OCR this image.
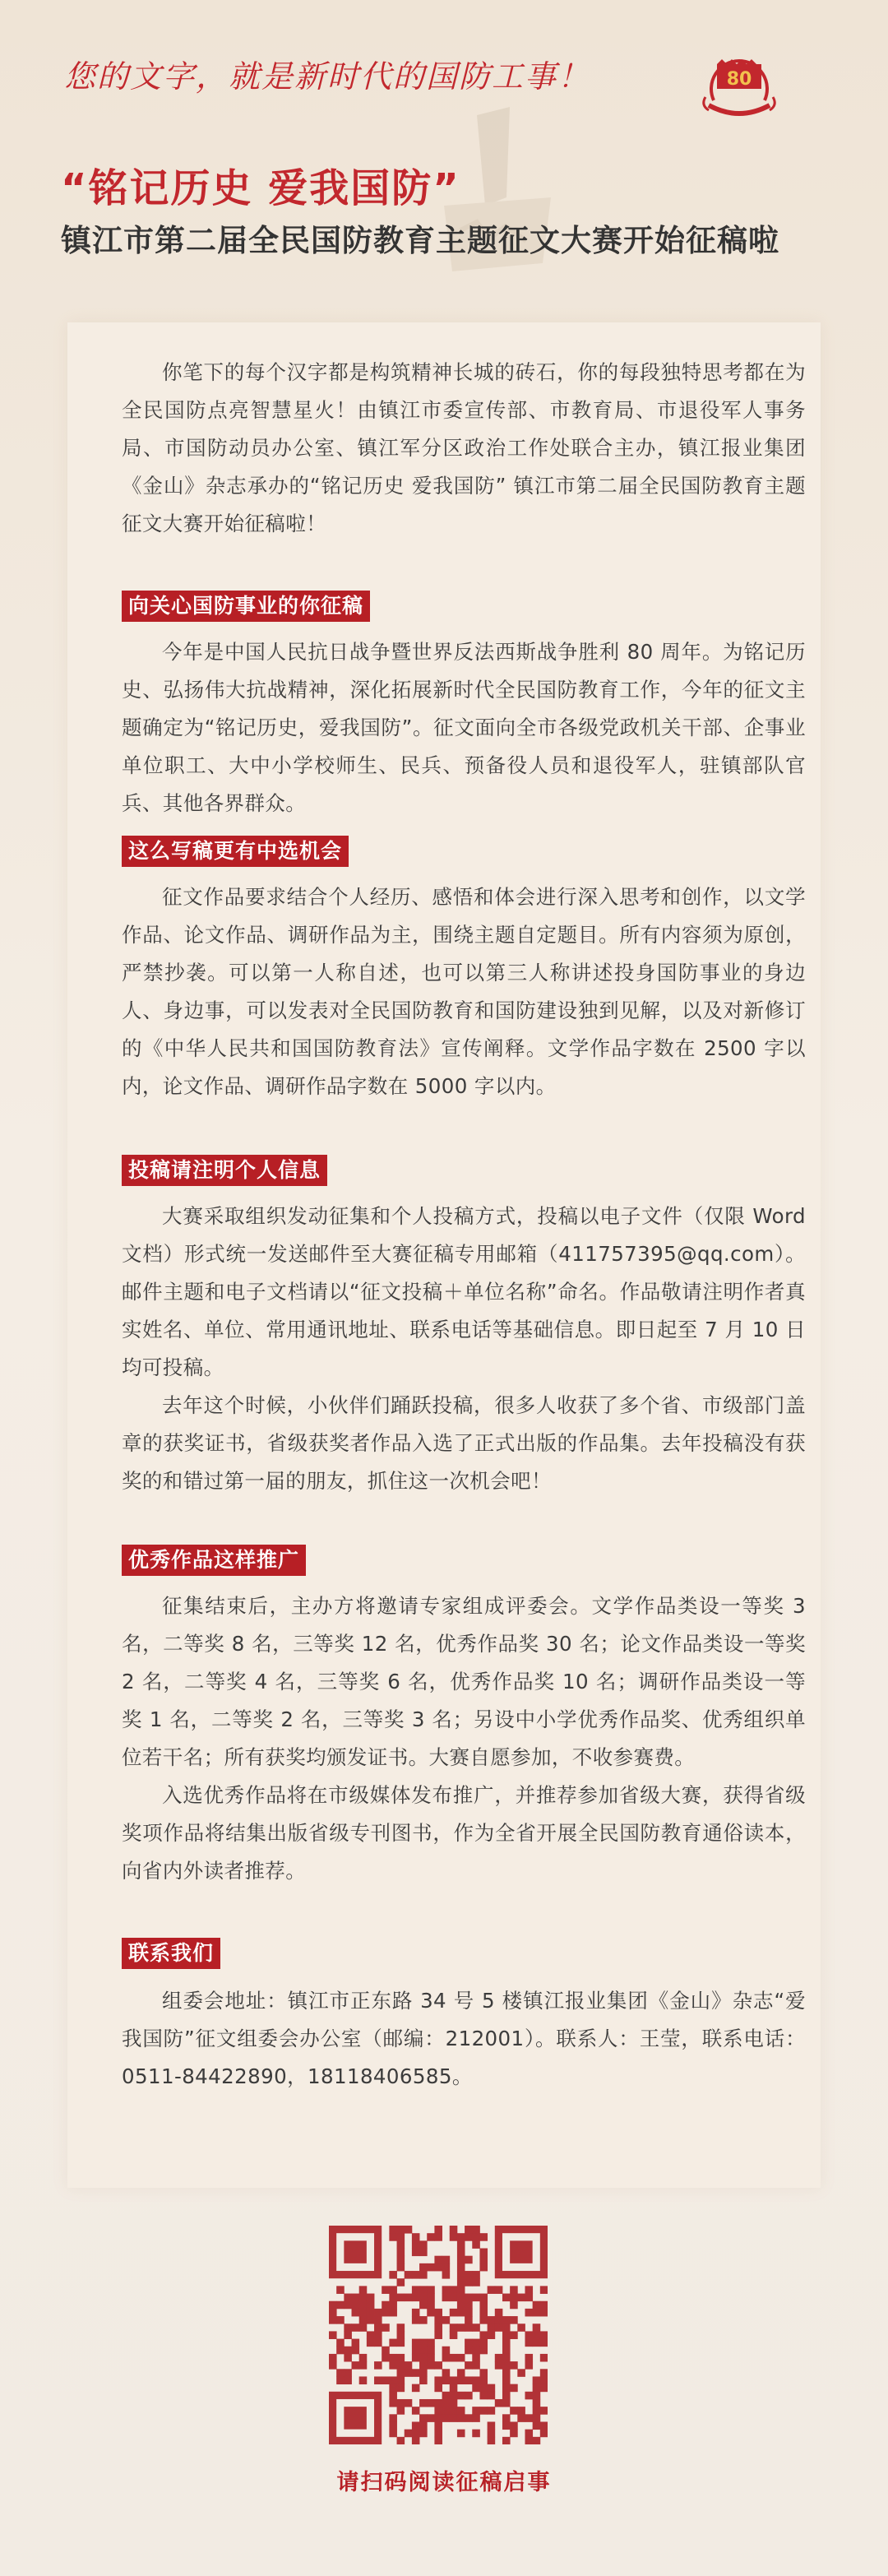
您的文字，就是新时代的国防工事！	80
“铭记历史 爱我国防”
镇江市第二届全民国防教育主题征文大赛开始征稿啦
你笔下的每个汉字都是构筑精神长城的砖石，你的每段独特思考都在为全民国防点亮智慧星火！由镇江市委宣传部、市教育局、市退役军人事务局、市国防动员办公室、镇江军分区政治工作处联合主办，镇江报业集团《金山》杂志承办的“铭记历史 爱我国防” 镇江市第二届全民国防教育主题征文大赛开始征稿啦！
向关心国防事业的你征稿
今年是中国人民抗日战争暨世界反法西斯战争胜利 80 周年。为铭记历史、弘扬伟大抗战精神，深化拓展新时代全民国防教育工作，今年的征文主题确定为“铭记历史，爱我国防”。征文面向全市各级党政机关干部、企事业单位职工、大中小学校师生、民兵、预备役人员和退役军人，驻镇部队官兵、其他各界群众。
这么写稿更有中选机会
征文作品要求结合个人经历、感悟和体会进行深入思考和创作，以文学作品、论文作品、调研作品为主，围绕主题自定题目。所有内容须为原创，严禁抄袭。可以第一人称自述，也可以第三人称讲述投身国防事业的身边人、身边事，可以发表对全民国防教育和国防建设独到见解，以及对新修订的《中华人民共和国国防教育法》宣传阐释。文学作品字数在 2500 字以内，论文作品、调研作品字数在 5000 字以内。
投稿请注明个人信息
大赛采取组织发动征集和个人投稿方式，投稿以电子文件（仅限 Word 文档）形式统一发送邮件至大赛征稿专用邮箱（411757395@qq.com）。邮件主题和电子文档请以“征文投稿＋单位名称”命名。作品敬请注明作者真实姓名、单位、常用通讯地址、联系电话等基础信息。即日起至 7 月 10 日均可投稿。
去年这个时候，小伙伴们踊跃投稿，很多人收获了多个省、市级部门盖章的获奖证书，省级获奖者作品入选了正式出版的作品集。去年投稿没有获奖的和错过第一届的朋友，抓住这一次机会吧！
优秀作品这样推广
征集结束后，主办方将邀请专家组成评委会。文学作品类设一等奖 3 名，二等奖 8 名，三等奖 12 名，优秀作品奖 30 名；论文作品类设一等奖 2 名，二等奖 4 名，三等奖 6 名，优秀作品奖 10 名；调研作品类设一等奖 1 名，二等奖 2 名，三等奖 3 名；另设中小学优秀作品奖、优秀组织单位若干名；所有获奖均颁发证书。大赛自愿参加，不收参赛费。
入选优秀作品将在市级媒体发布推广，并推荐参加省级大赛，获得省级奖项作品将结集出版省级专刊图书，作为全省开展全民国防教育通俗读本，向省内外读者推荐。
联系我们
组委会地址：镇江市正东路 34 号 5 楼镇江报业集团《金山》杂志“爱我国防”征文组委会办公室（邮编：212001）。联系人：王莹，联系电话：0511-84422890，18118406585。
请扫码阅读征稿启事
